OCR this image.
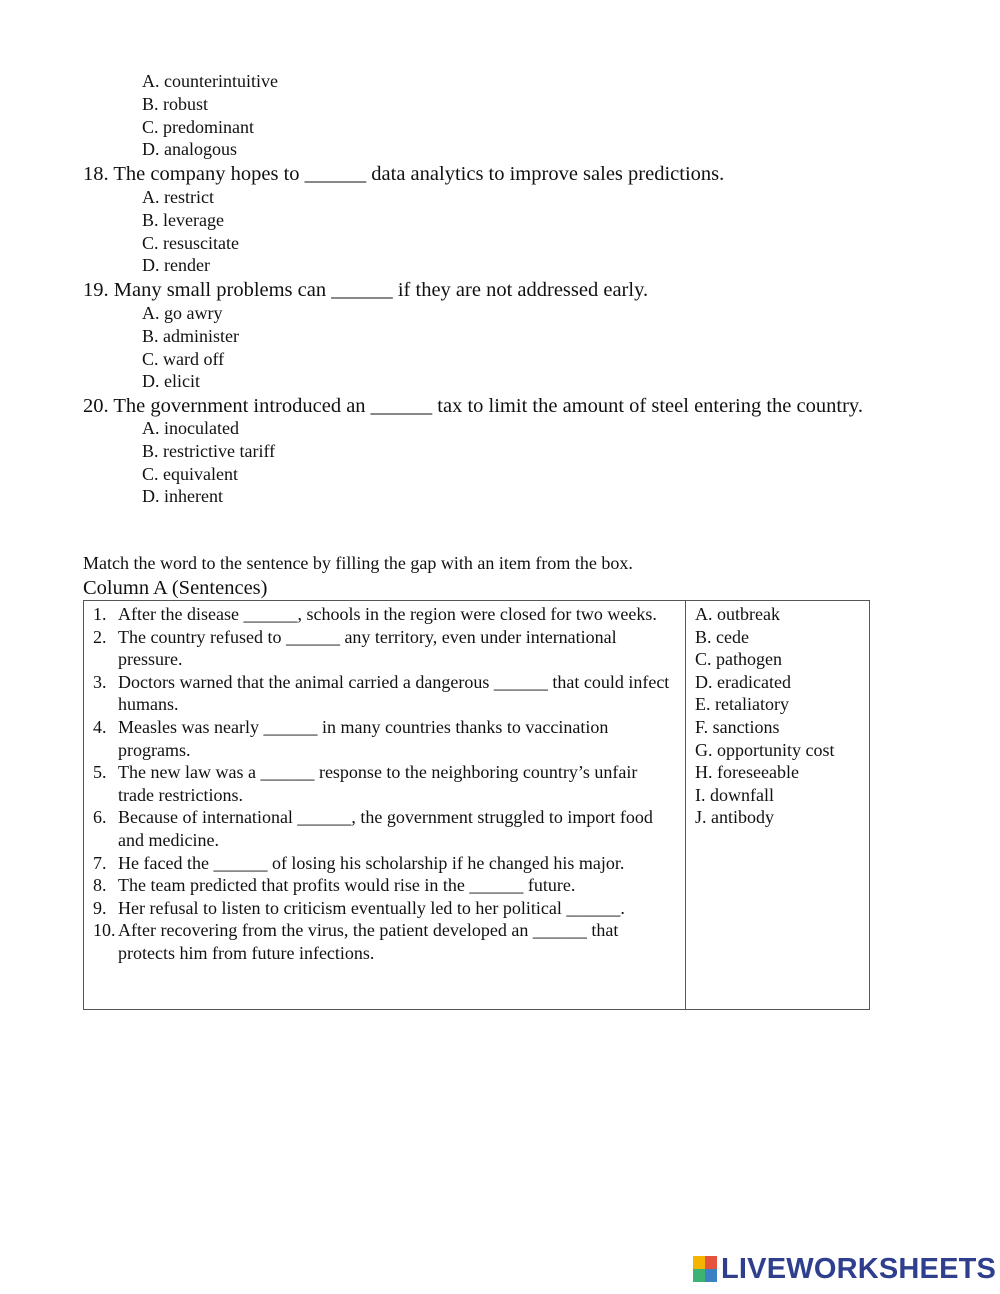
A. counterintuitive
B. robust
C. predominant
D. analogous
18. The company hopes to ______ data analytics to improve sales predictions.
A. restrict
B. leverage
C. resuscitate
D. render
19. Many small problems can ______ if they are not addressed early.
A. go awry
B. administer
C. ward off
D. elicit
20. The government introduced an ______ tax to limit the amount of steel entering the country.
A. inoculated
B. restrictive tariff
C. equivalent
D. inherent
Match the word to the sentence by filling the gap with an item from the box.
Column A (Sentences)
1. After the disease ______, schools in the region were closed for two weeks.
2. The country refused to ______ any territory, even under international pressure.
3. Doctors warned that the animal carried a dangerous ______ that could infect humans.
4. Measles was nearly ______ in many countries thanks to vaccination programs.
5. The new law was a ______ response to the neighboring country’s unfair trade restrictions.
6. Because of international ______, the government struggled to import food and medicine.
7. He faced the ______ of losing his scholarship if he changed his major.
8. The team predicted that profits would rise in the ______ future.
9. Her refusal to listen to criticism eventually led to her political ______.
10. After recovering from the virus, the patient developed an ______ that protects him from future infections.
A. outbreak
B. cede
C. pathogen
D. eradicated
E. retaliatory
F. sanctions
G. opportunity cost
H. foreseeable
I. downfall
J. antibody
LIVEWORKSHEETS
